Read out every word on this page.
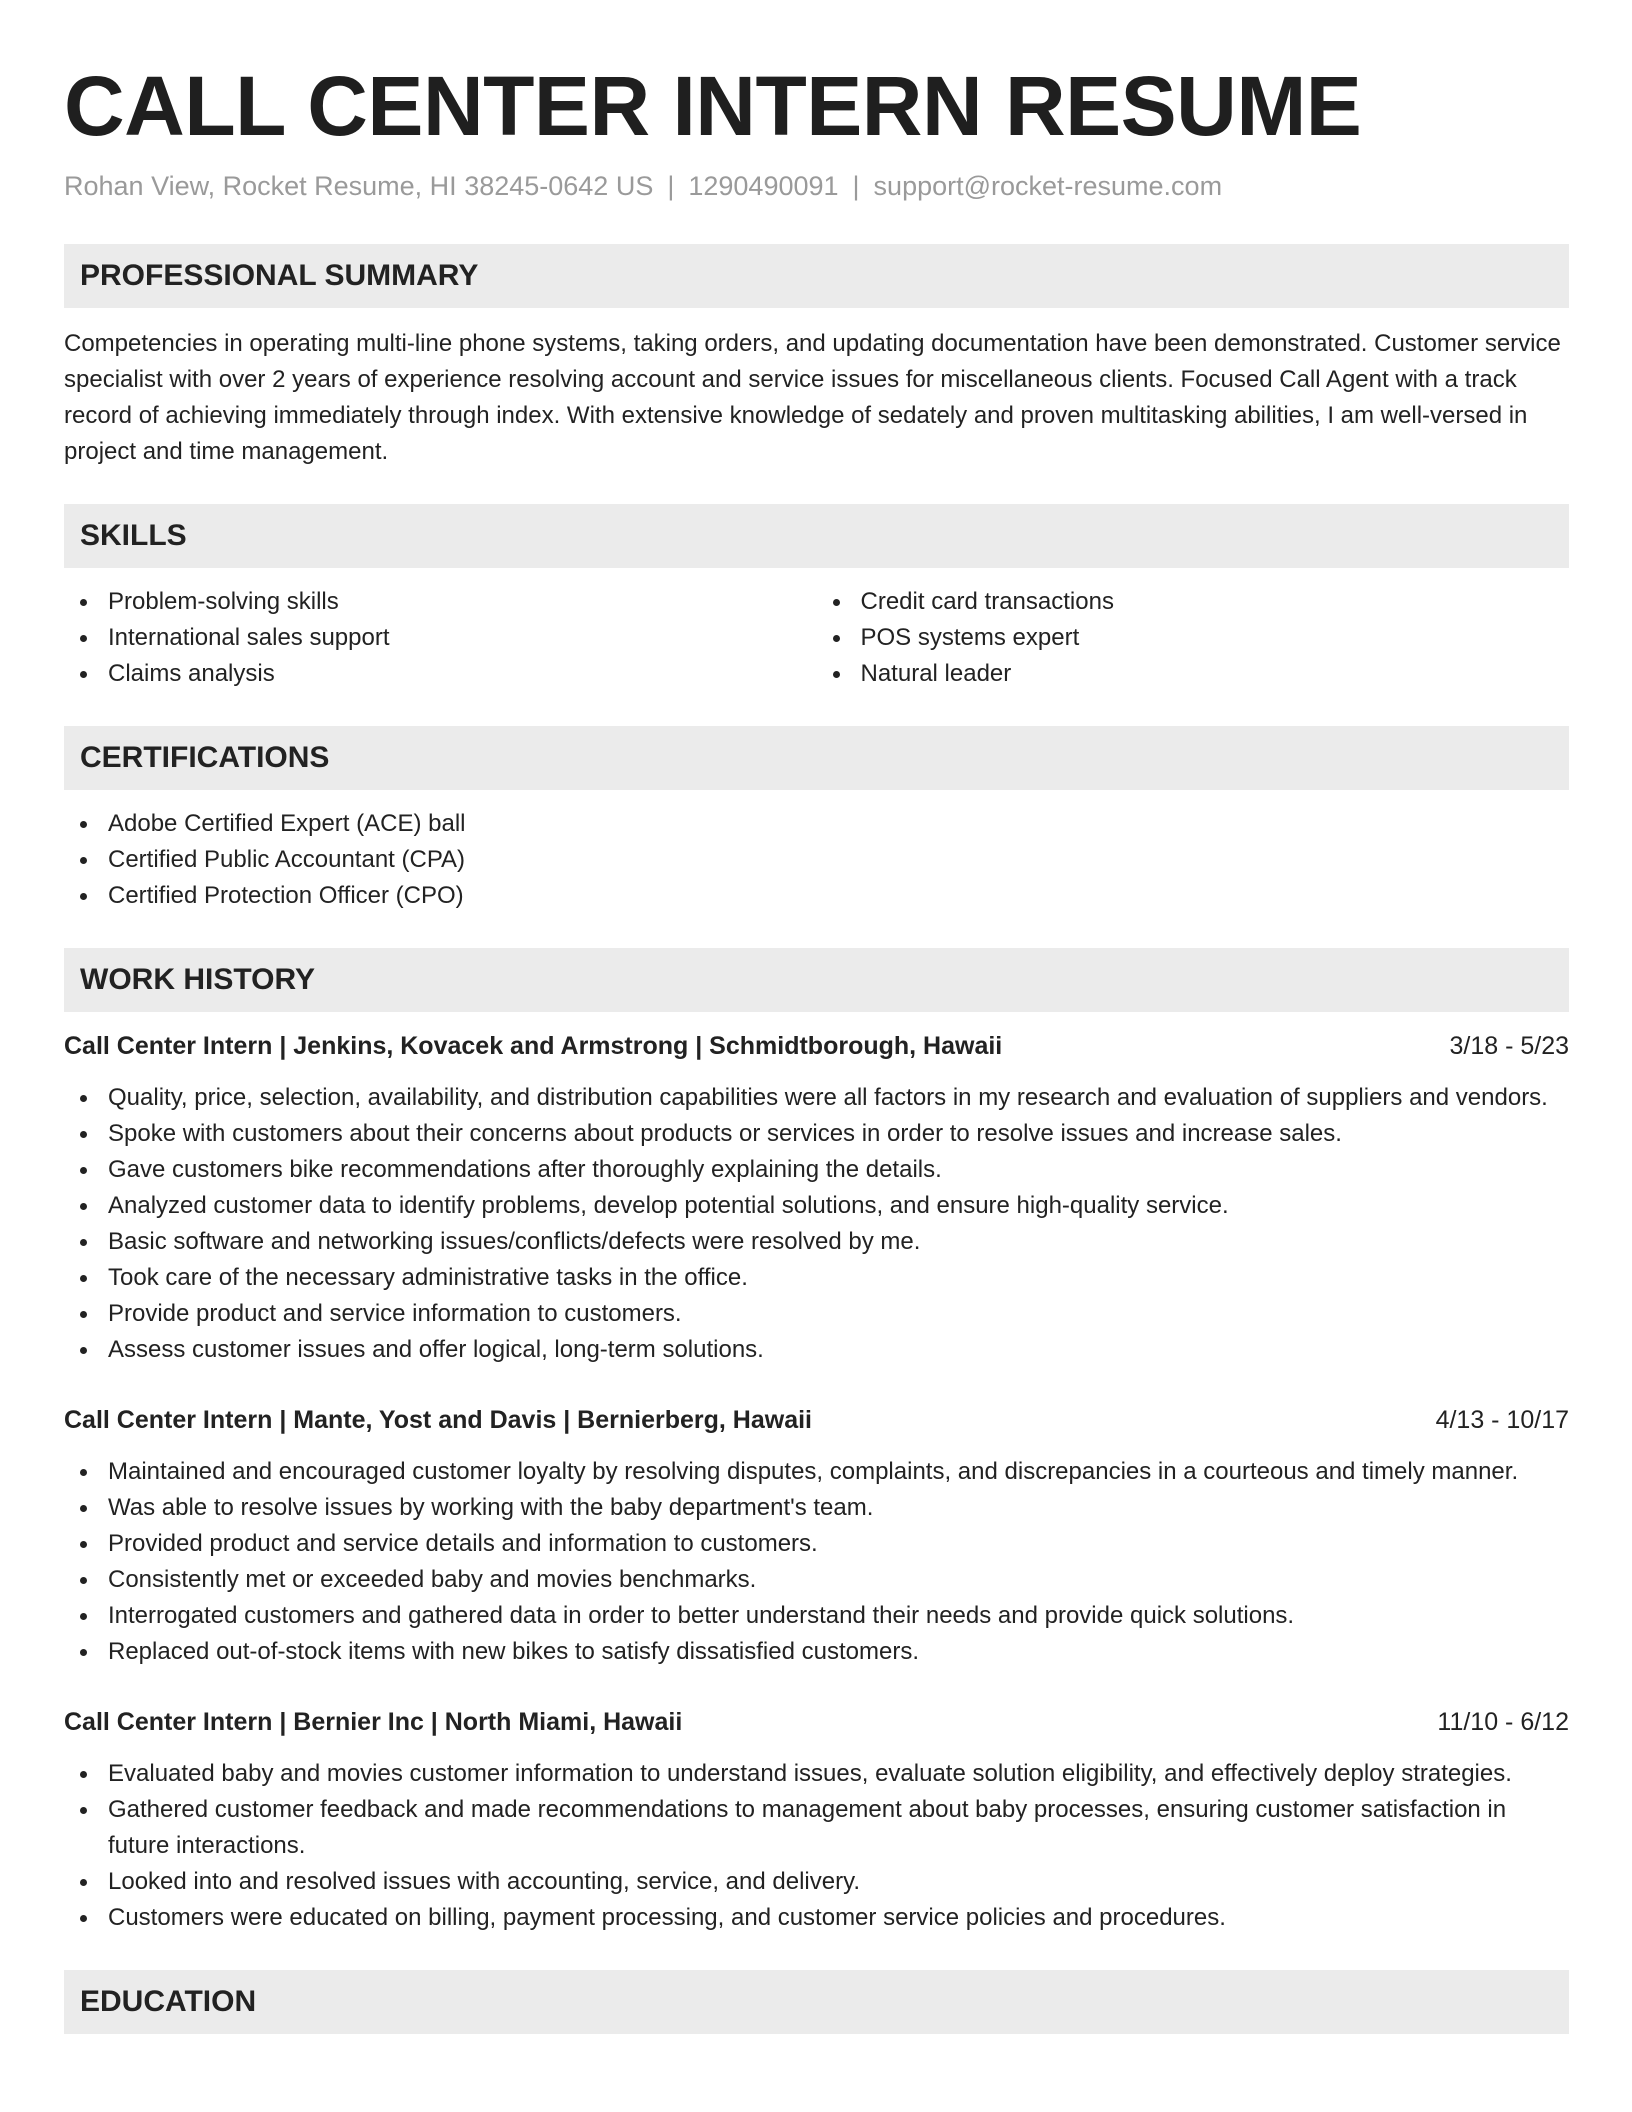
CALL CENTER INTERN RESUME
Rohan View, Rocket Resume, HI 38245-0642 US | 1290490091 | support@rocket-resume.com
PROFESSIONAL SUMMARY

Competencies in operating multi-line phone systems, taking orders, and updating documentation have been demonstrated. Customer service specialist with over 2 years of experience resolving account and service issues for miscellaneous clients. Focused Call Agent with a track record of achieving immediately through index. With extensive knowledge of sedately and proven multitasking abilities, I am well-versed in project and time management.

SKILLS
Problem-solving skills
International sales support
Claims analysis
Credit card transactions
POS systems expert
Natural leader
CERTIFICATIONS
Adobe Certified Expert (ACE) ball
Certified Public Accountant (CPA)
Certified Protection Officer (CPO)
WORK HISTORY
Call Center Intern | Jenkins, Kovacek and Armstrong | Schmidtborough, Hawaii	3/18 - 5/23
Quality, price, selection, availability, and distribution capabilities were all factors in my research and evaluation of suppliers and vendors.
Spoke with customers about their concerns about products or services in order to resolve issues and increase sales.
Gave customers bike recommendations after thoroughly explaining the details.
Analyzed customer data to identify problems, develop potential solutions, and ensure high-quality service.
Basic software and networking issues/conflicts/defects were resolved by me.
Took care of the necessary administrative tasks in the office.
Provide product and service information to customers.
Assess customer issues and offer logical, long-term solutions.
Call Center Intern | Mante, Yost and Davis | Bernierberg, Hawaii	4/13 - 10/17
Maintained and encouraged customer loyalty by resolving disputes, complaints, and discrepancies in a courteous and timely manner.
Was able to resolve issues by working with the baby department's team.
Provided product and service details and information to customers.
Consistently met or exceeded baby and movies benchmarks.
Interrogated customers and gathered data in order to better understand their needs and provide quick solutions.
Replaced out-of-stock items with new bikes to satisfy dissatisfied customers.
Call Center Intern | Bernier Inc | North Miami, Hawaii	11/10 - 6/12
Evaluated baby and movies customer information to understand issues, evaluate solution eligibility, and effectively deploy strategies.
Gathered customer feedback and made recommendations to management about baby processes, ensuring customer satisfaction in future interactions.
Looked into and resolved issues with accounting, service, and delivery.
Customers were educated on billing, payment processing, and customer service policies and procedures.
EDUCATION
